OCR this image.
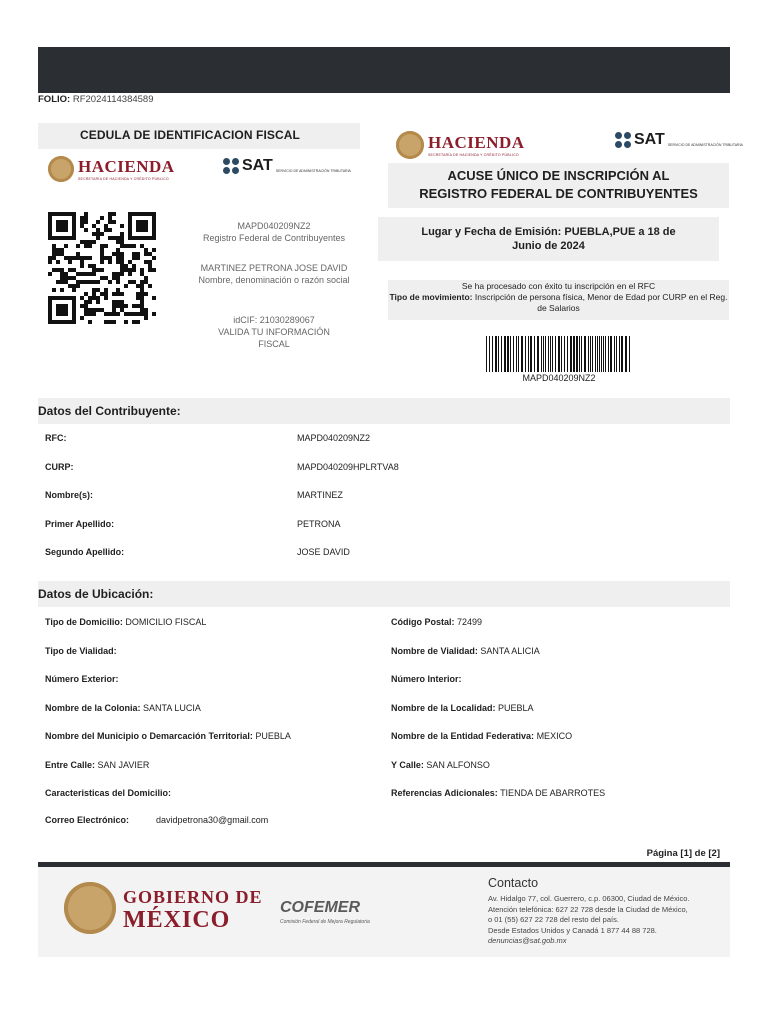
FOLIO: RF2024114384589
CEDULA DE IDENTIFICACION FISCAL
HACIENDA
SECRETARÍA DE HACIENDA Y CRÉDITO PÚBLICO
SAT SERVICIO DE ADMINISTRACIÓN TRIBUTARIA
MAPD040209NZ2
Registro Federal de Contribuyentes
MARTINEZ PETRONA JOSE DAVID
Nombre, denominación o razón social
idCIF: 21030289067
VALIDA TU INFORMACIÓN FISCAL
HACIENDA
SECRETARÍA DE HACIENDA Y CRÉDITO PÚBLICO
SAT SERVICIO DE ADMINISTRACIÓN TRIBUTARIA
ACUSE ÚNICO DE INSCRIPCIÓN AL
REGISTRO FEDERAL DE CONTRIBUYENTES
Lugar y Fecha de Emisión: PUEBLA,PUE a 18 de
Junio de 2024
Se ha procesado con éxito tu inscripción en el RFC
Tipo de movimiento: Inscripción de persona física, Menor de Edad por CURP en el Reg. de Salarios
MAPD040209NZ2
Datos del Contribuyente:
RFC:	MAPD040209NZ2
CURP:	MAPD040209HPLRTVA8
Nombre(s):	MARTINEZ
Primer Apellido:	PETRONA
Segundo Apellido:	JOSE DAVID
Datos de Ubicación:
Tipo de Domicilio: DOMICILIO FISCAL
Tipo de Vialidad:
Número Exterior:
Nombre de la Colonia: SANTA LUCIA
Nombre del Municipio o Demarcación Territorial: PUEBLA
Entre Calle: SAN JAVIER
Caracteristicas del Domicilio:
Código Postal: 72499
Nombre de Vialidad: SANTA ALICIA
Número Interior:
Nombre de la Localidad: PUEBLA
Nombre de la Entidad Federativa: MEXICO
Y Calle: SAN ALFONSO
Referencias Adicionales: TIENDA DE ABARROTES
Correo Electrónico:	davidpetrona30@gmail.com
Página [1] de [2]
GOBIERNO DE
MÉXICO	COFEMER
Comisión Federal de Mejora Regulatoria
Contacto
Av. Hidalgo 77, col. Guerrero, c.p. 06300, Ciudad de México.
Atención telefónica: 627 22 728 desde la Ciudad de México,
o 01 (55) 627 22 728 del resto del país.
Desde Estados Unidos y Canadá 1 877 44 88 728.
denuncias@sat.gob.mx
